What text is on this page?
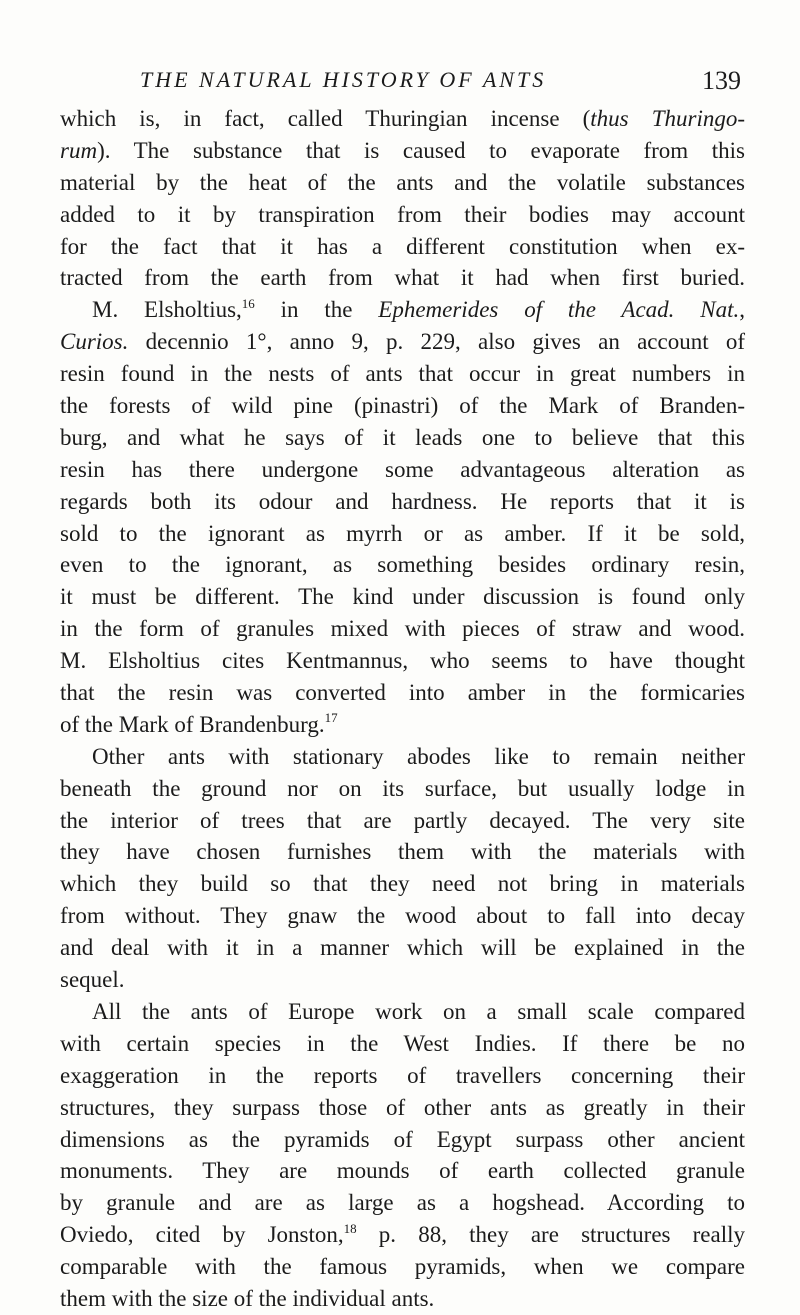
THE NATURAL HISTORY OF ANTS	139
which is, in fact, called Thuringian incense (thus Thuringo-
rum). The substance that is caused to evaporate from this
material by the heat of the ants and the volatile substances
added to it by transpiration from their bodies may account
for the fact that it has a different constitution when ex-
tracted from the earth from what it had when first buried.
M. Elsholtius,$^{16}$ in the Ephemerides of the Acad. Nat.,
Curios. decennio 1°, anno 9, p. 229, also gives an account of
resin found in the nests of ants that occur in great numbers in
the forests of wild pine (pinastri) of the Mark of Branden-
burg, and what he says of it leads one to believe that this
resin has there undergone some advantageous alteration as
regards both its odour and hardness. He reports that it is
sold to the ignorant as myrrh or as amber. If it be sold,
even to the ignorant, as something besides ordinary resin,
it must be different. The kind under discussion is found only
in the form of granules mixed with pieces of straw and wood.
M. Elsholtius cites Kentmannus, who seems to have thought
that the resin was converted into amber in the formicaries
of the Mark of Brandenburg.$^{17}$
Other ants with stationary abodes like to remain neither
beneath the ground nor on its surface, but usually lodge in
the interior of trees that are partly decayed. The very site
they have chosen furnishes them with the materials with
which they build so that they need not bring in materials
from without. They gnaw the wood about to fall into decay
and deal with it in a manner which will be explained in the
sequel.
All the ants of Europe work on a small scale compared
with certain species in the West Indies. If there be no
exaggeration in the reports of travellers concerning their
structures, they surpass those of other ants as greatly in their
dimensions as the pyramids of Egypt surpass other ancient
monuments. They are mounds of earth collected granule
by granule and are as large as a hogshead. According to
Oviedo, cited by Jonston,$^{18}$ p. 88, they are structures really
comparable with the famous pyramids, when we compare
them with the size of the individual ants.
